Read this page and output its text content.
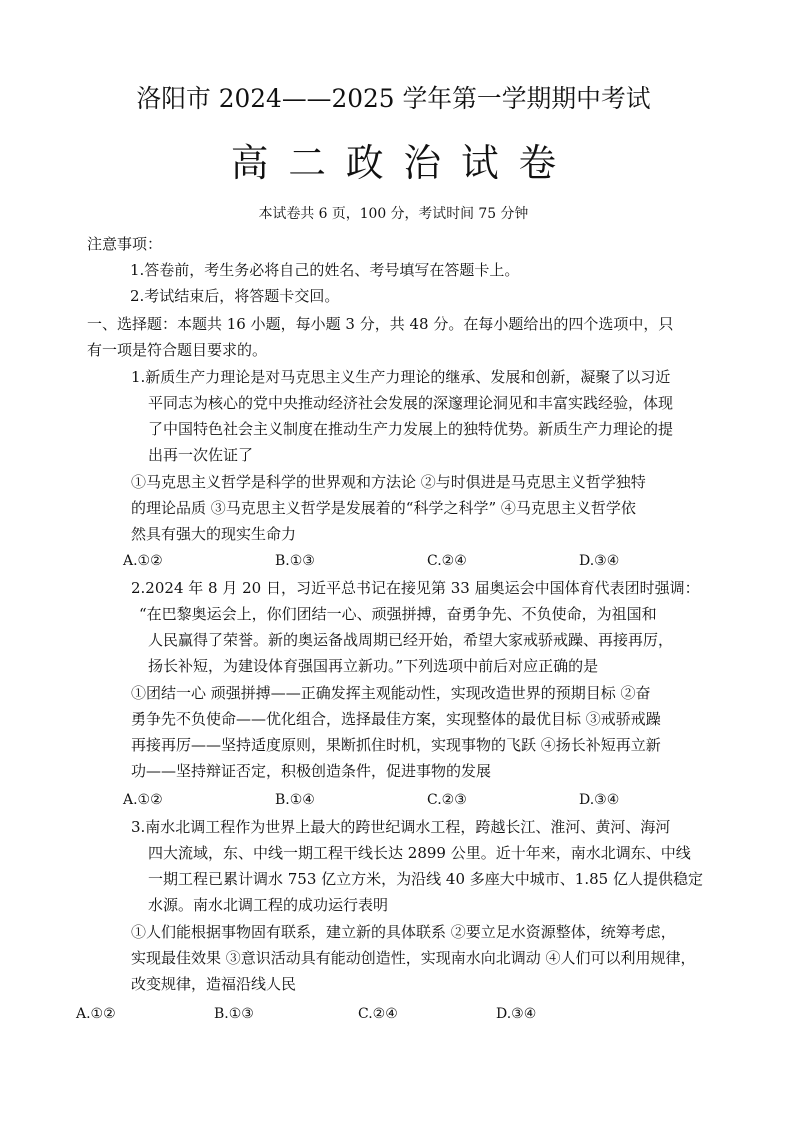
洛阳市 2024——2025 学年第一学期期中考试
高二政治试卷
本试卷共 6 页，100 分，考试时间 75 分钟
注意事项：
1.答卷前，考生务必将自己的姓名、考号填写在答题卡上。
2.考试结束后，将答题卡交回。
一、选择题：本题共 16 小题，每小题 3 分，共 48 分。在每小题给出的四个选项中，只
有一项是符合题目要求的。
1.新质生产力理论是对马克思主义生产力理论的继承、发展和创新，凝聚了以习近
平同志为核心的党中央推动经济社会发展的深邃理论洞见和丰富实践经验，体现
了中国特色社会主义制度在推动生产力发展上的独特优势。新质生产力理论的提
出再一次佐证了
①马克思主义哲学是科学的世界观和方法论 ②与时俱进是马克思主义哲学独特
的理论品质 ③马克思主义哲学是发展着的“科学之科学” ④马克思主义哲学依
然具有强大的现实生命力
A.①②	B.①③	C.②④	D.③④
2.2024 年 8 月 20 日，习近平总书记在接见第 33 届奥运会中国体育代表团时强调：
“在巴黎奥运会上，你们团结一心、顽强拼搏，奋勇争先、不负使命，为祖国和
人民赢得了荣誉。新的奥运备战周期已经开始，希望大家戒骄戒躁、再接再厉，
扬长补短，为建设体育强国再立新功。”下列选项中前后对应正确的是
①团结一心 顽强拼搏——正确发挥主观能动性，实现改造世界的预期目标 ②奋
勇争先不负使命——优化组合，选择最佳方案，实现整体的最优目标 ③戒骄戒躁
再接再厉——坚持适度原则，果断抓住时机，实现事物的飞跃 ④扬长补短再立新
功——坚持辩证否定，积极创造条件，促进事物的发展
A.①②	B.①④	C.②③	D.③④
3.南水北调工程作为世界上最大的跨世纪调水工程，跨越长江、淮河、黄河、海河
四大流域，东、中线一期工程干线长达 2899 公里。近十年来，南水北调东、中线
一期工程已累计调水 753 亿立方米，为沿线 40 多座大中城市、1.85 亿人提供稳定
水源。南水北调工程的成功运行表明
①人们能根据事物固有联系，建立新的具体联系 ②要立足水资源整体，统筹考虑，
实现最佳效果 ③意识活动具有能动创造性，实现南水向北调动 ④人们可以利用规律，
改变规律，造福沿线人民
A.①②	B.①③	C.②④	D.③④
